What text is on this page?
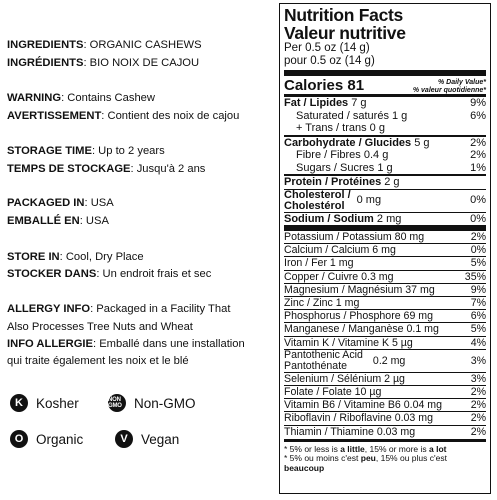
INGREDIENTS: ORGANIC CASHEWS
INGRÉDIENTS: BIO NOIX DE CAJOU
WARNING: Contains Cashew
AVERTISSEMENT: Contient des noix de cajou
STORAGE TIME: Up to 2 years
TEMPS DE STOCKAGE: Jusqu'à 2 ans
PACKAGED IN: USA
EMBALLÉ EN: USA
STORE IN: Cool, Dry Place
STOCKER DANS: Un endroit frais et sec
ALLERGY INFO: Packaged in a Facility That
Also Processes Tree Nuts and Wheat
INFO ALLERGIE: Emballé dans une installation
qui traite également les noix et le blé
K Kosher	NON GMO Non-GMO
O Organic	V Vegan
Nutrition Facts
Valeur nutritive
Per 0.5 oz (14 g)
pour 0.5 oz (14 g)
Calories 81	% Daily Value*
% valeur quotidienne*
Fat / Lipides 7 g	9%
Saturated / saturés 1 g	6%
+ Trans / trans 0 g
Carbohydrate / Glucides 5 g	2%
Fibre / Fibres 0.4 g	2%
Sugars / Sucres 1 g	1%
Protein / Protéines 2 g
Cholesterol /
Cholestérol	0 mg	0%
Sodium / Sodium 2 mg	0%
Potassium / Potassium 80 mg	2%
Calcium / Calcium 6 mg	0%
Iron / Fer 1 mg	5%
Copper / Cuivre 0.3 mg	35%
Magnesium / Magnésium 37 mg	9%
Zinc / Zinc 1 mg	7%
Phosphorus / Phosphore 69 mg	6%
Manganese / Manganèse 0.1 mg	5%
Vitamin K / Vitamine K 5 µg	4%
Pantothenic Acid
Pantothénate	0.2 mg	3%
Selenium / Sélénium 2 µg	3%
Folate / Folate 10 µg	2%
Vitamin B6 / Vitamine B6 0.04 mg	2%
Riboflavin / Riboflavine 0.03 mg	2%
Thiamin / Thiamine 0.03 mg	2%
* 5% or less is a little, 15% or more is a lot
* 5% ou moins c'est peu, 15% ou plus c'est beaucoup
